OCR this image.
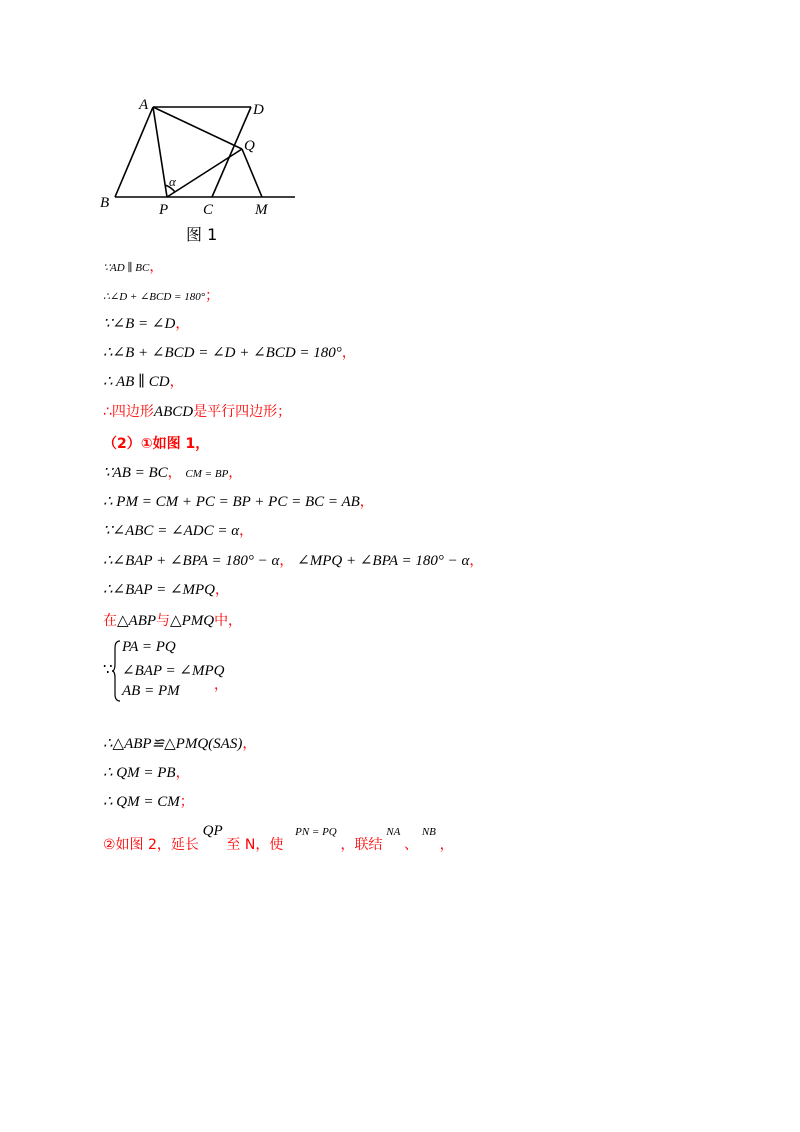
A	D
Q
B	P C	M
α
图 1
∵AD ∥ BC，
∴∠D + ∠BCD = 180°；
∵∠B = ∠D，
∴∠B + ∠BCD = ∠D + ∠BCD = 180°，
∴ AB ∥ CD，
∴四边形ABCD是平行四边形；
（2）①如图 1，
∵AB = BC， CM = BP，
∴ PM = CM + PC = BP + PC = BC = AB，
∵∠ABC = ∠ADC = α，
∴∠BAP + ∠BPA = 180° − α， ∠MPQ + ∠BPA = 180° − α，
∴∠BAP = ∠MPQ，
在△ABP与△PMQ中，
∵
PA = PQ
∠BAP = ∠MPQ
AB = PM ，
∴△ABP≌△PMQ(SAS)，
∴ QM = PB，
∴ QM = CM；
②如图 2，延长 QP 至 N，使 $^{PN = PQ}$ ，联结 $^{NA}$ 、 $^{NB}$ ，
